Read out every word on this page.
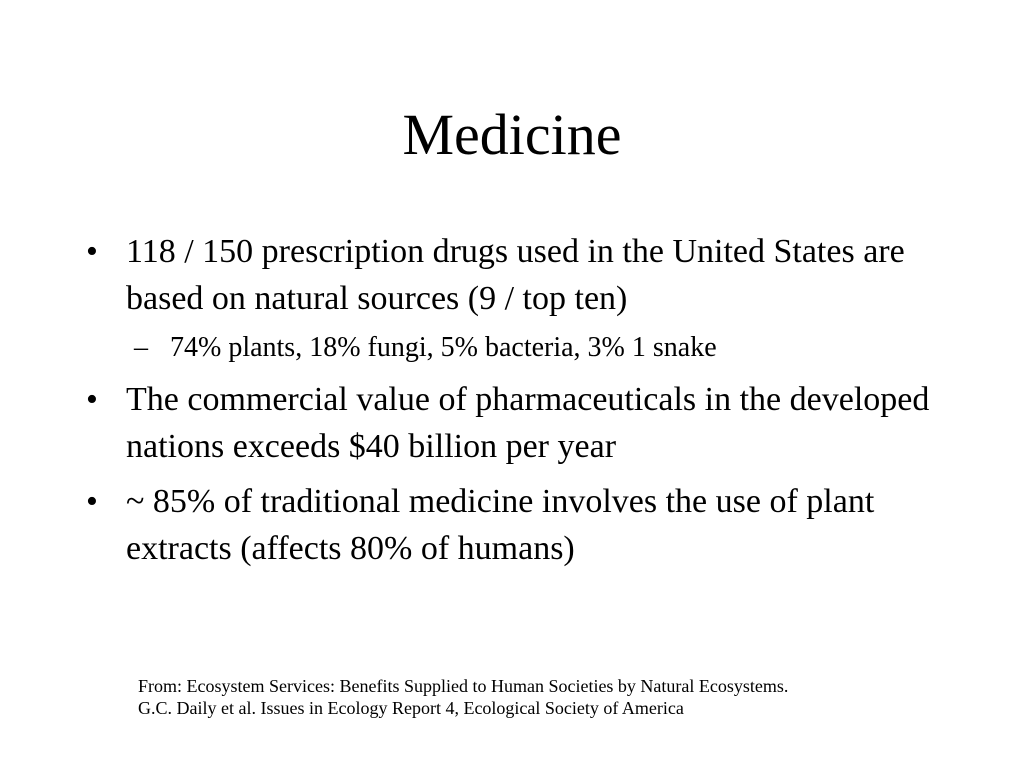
Medicine
• 118 / 150 prescription drugs used in the United States are based on natural sources (9 / top ten)
– 74% plants, 18% fungi, 5% bacteria, 3% 1 snake
• The commercial value of pharmaceuticals in the developed nations exceeds $40 billion per year
• ~ 85% of traditional medicine involves the use of plant extracts (affects 80% of humans)
From: Ecosystem Services: Benefits Supplied to Human Societies by Natural Ecosystems.
G.C. Daily et al. Issues in Ecology Report 4, Ecological Society of America
